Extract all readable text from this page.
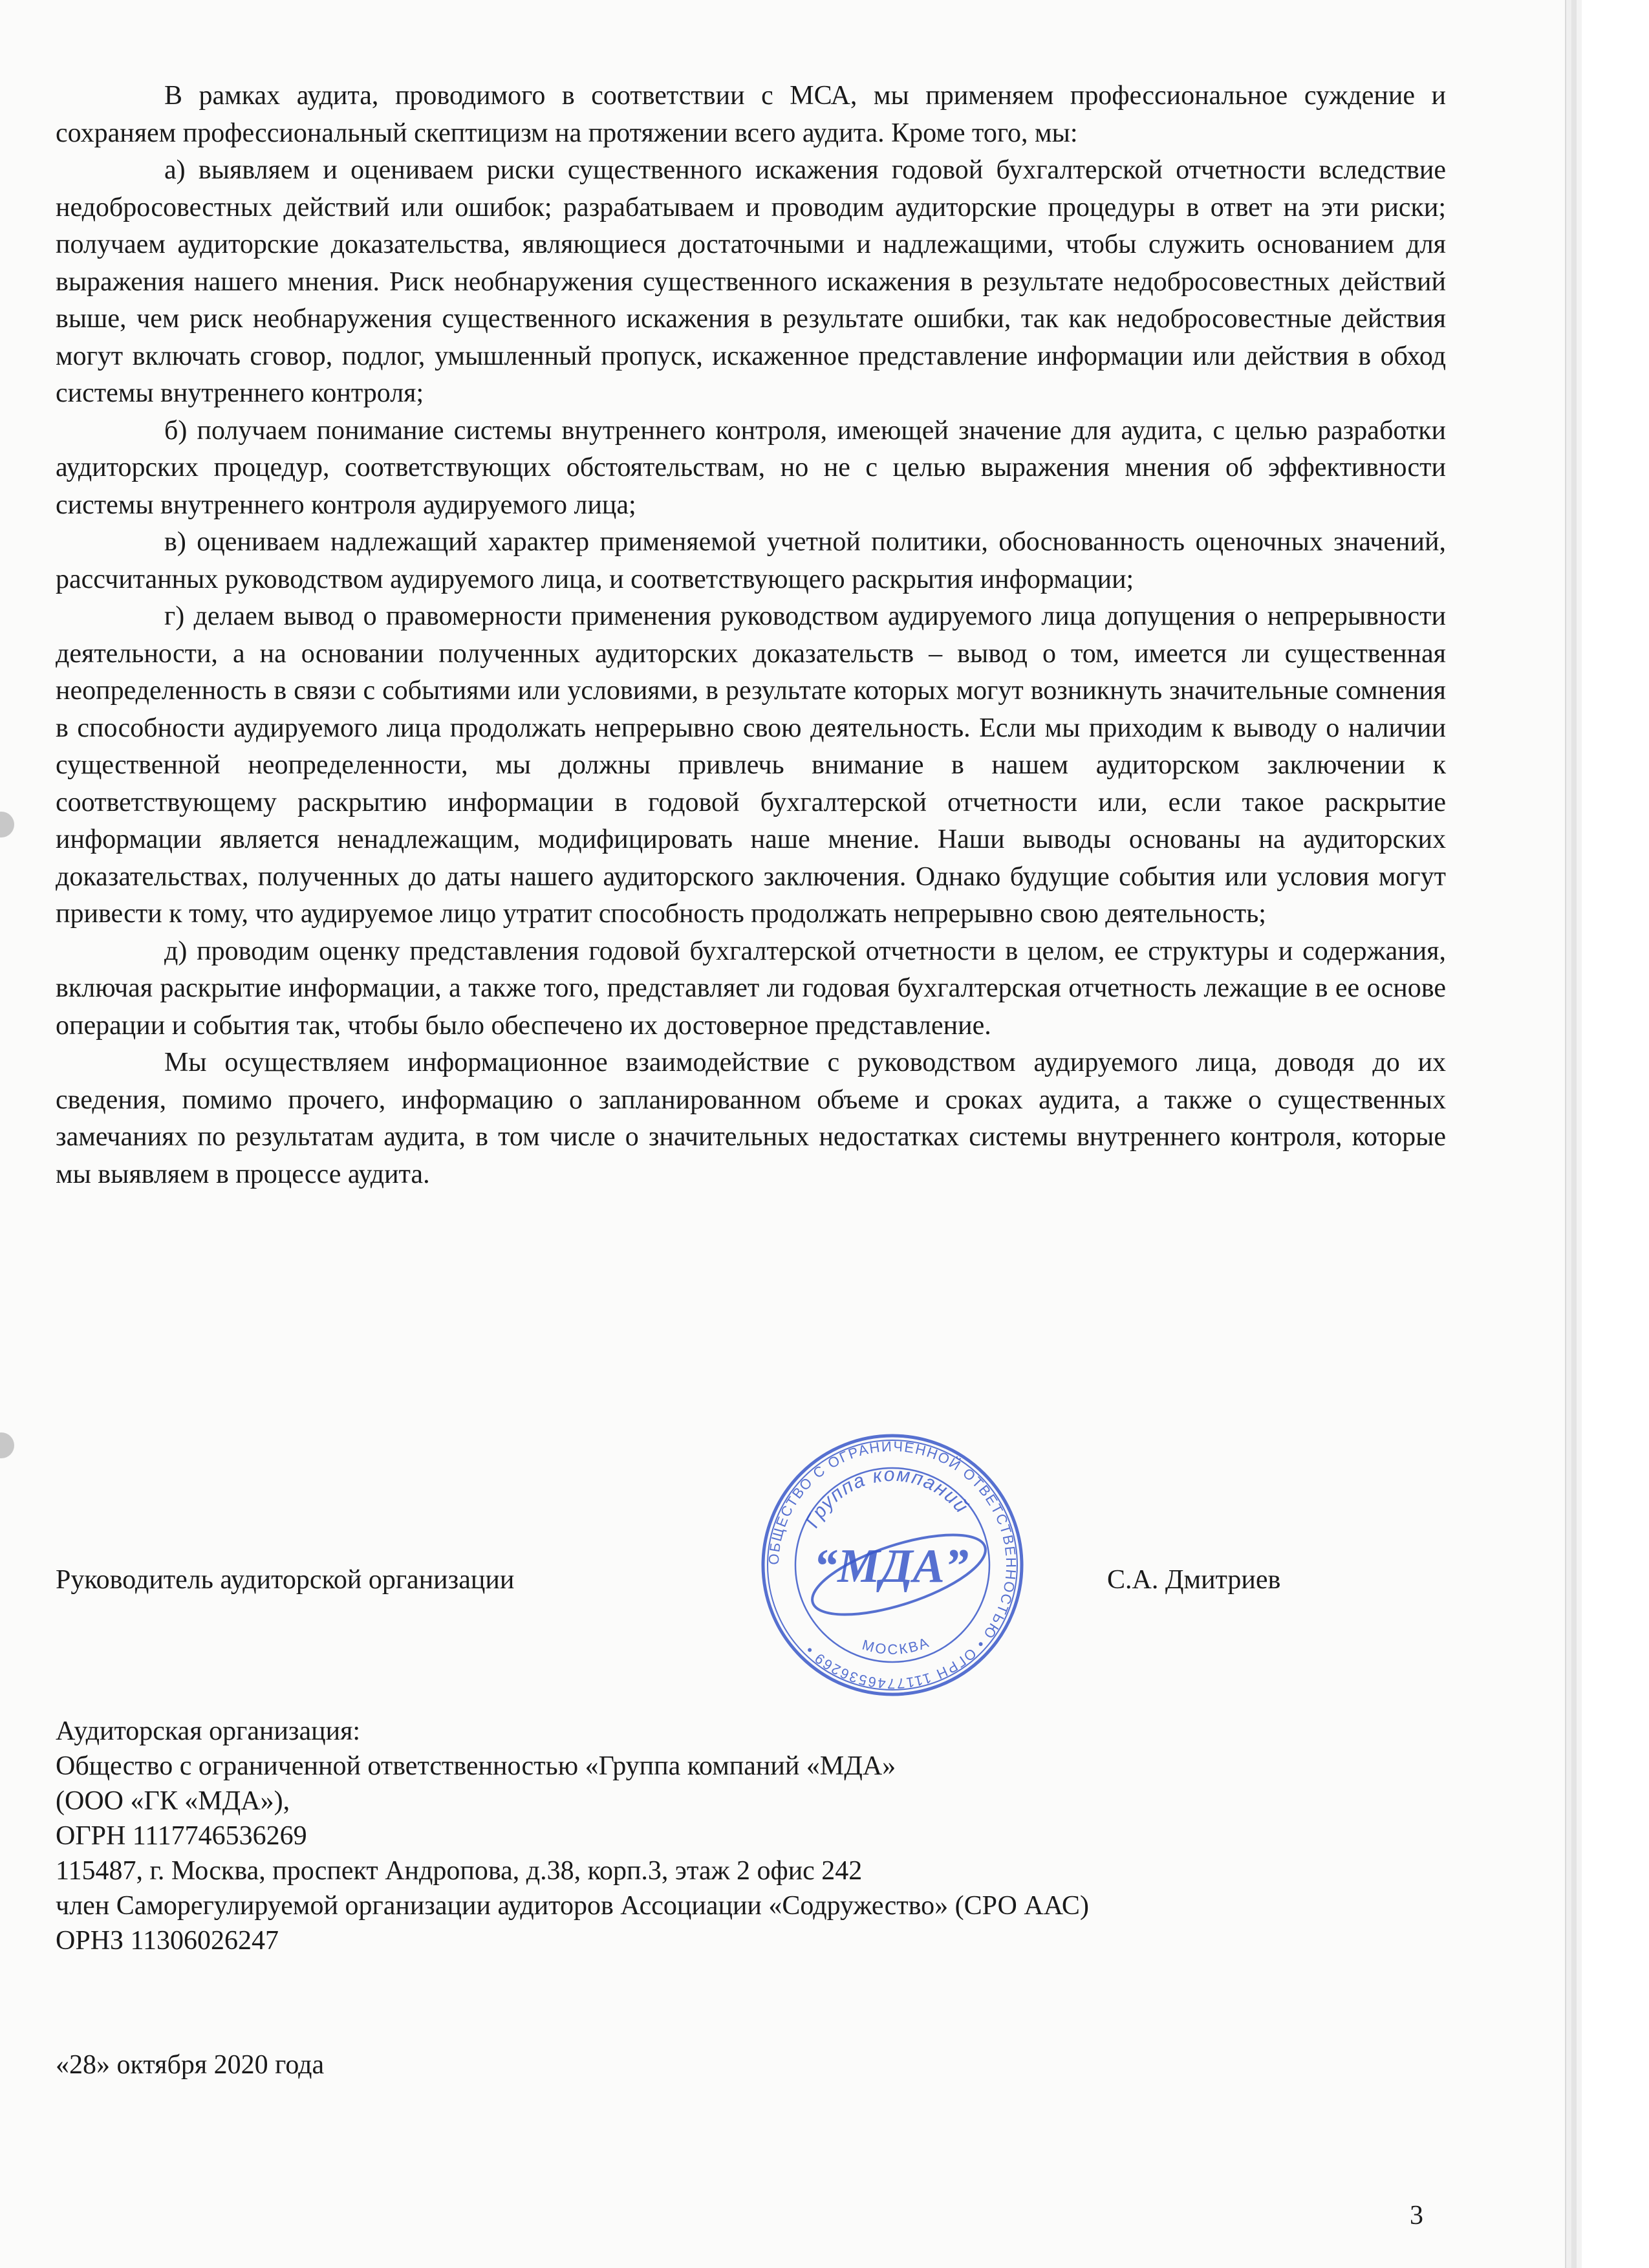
В рамках аудита, проводимого в соответствии с МСА, мы применяем профессиональное суждение и сохраняем профессиональный скептицизм на протяжении всего аудита. Кроме того, мы:

а) выявляем и оцениваем риски существенного искажения годовой бухгалтерской отчетности вследствие недобросовестных действий или ошибок; разрабатываем и проводим аудиторские процедуры в ответ на эти риски; получаем аудиторские доказательства, являющиеся достаточными и надлежащими, чтобы служить основанием для выражения нашего мнения. Риск необнаружения существенного искажения в результате недобросовестных действий выше, чем риск необнаружения существенного искажения в результате ошибки, так как недобросовестные действия могут включать сговор, подлог, умышленный пропуск, искаженное представление информации или действия в обход системы внутреннего контроля;

б) получаем понимание системы внутреннего контроля, имеющей значение для аудита, с целью разработки аудиторских процедур, соответствующих обстоятельствам, но не с целью выражения мнения об эффективности системы внутреннего контроля аудируемого лица;

в) оцениваем надлежащий характер применяемой учетной политики, обоснованность оценочных значений, рассчитанных руководством аудируемого лица, и соответствующего раскрытия информации;

г) делаем вывод о правомерности применения руководством аудируемого лица допущения о непрерывности деятельности, а на основании полученных аудиторских доказательств – вывод о том, имеется ли существенная неопределенность в связи с событиями или условиями, в результате которых могут возникнуть значительные сомнения в способности аудируемого лица продолжать непрерывно свою деятельность. Если мы приходим к выводу о наличии существенной неопределенности, мы должны привлечь внимание в нашем аудиторском заключении к соответствующему раскрытию информации в годовой бухгалтерской отчетности или, если такое раскрытие информации является ненадлежащим, модифицировать наше мнение. Наши выводы основаны на аудиторских доказательствах, полученных до даты нашего аудиторского заключения. Однако будущие события или условия могут привести к тому, что аудируемое лицо утратит способность продолжать непрерывно свою деятельность;

д) проводим оценку представления годовой бухгалтерской отчетности в целом, ее структуры и содержания, включая раскрытие информации, а также того, представляет ли годовая бухгалтерская отчетность лежащие в ее основе операции и события так, чтобы было обеспечено их достоверное представление.

Мы осуществляем информационное взаимодействие с руководством аудируемого лица, доводя до их сведения, помимо прочего, информацию о запланированном объеме и сроках аудита, а также о существенных замечаниях по результатам аудита, в том числе о значительных недостатках системы внутреннего контроля, которые мы выявляем в процессе аудита.

ОБЩЕСТВО С ОГРАНИЧЕННОЙ ОТВЕТСТВЕННОСТЬЮ • ОГРН 1117746536269 •
Группа компаний
“МДА”
МОСКВА
Руководитель аудиторской организации	С.А. Дмитриев
Аудиторская организация:
Общество с ограниченной ответственностью «Группа компаний «МДА»
(ООО «ГК «МДА»),
ОГРН 1117746536269
115487, г. Москва, проспект Андропова, д.38, корп.3, этаж 2 офис 242
член Саморегулируемой организации аудиторов Ассоциации «Содружество» (СРО ААС)
ОРНЗ 11306026247
«28» октября 2020 года
3
